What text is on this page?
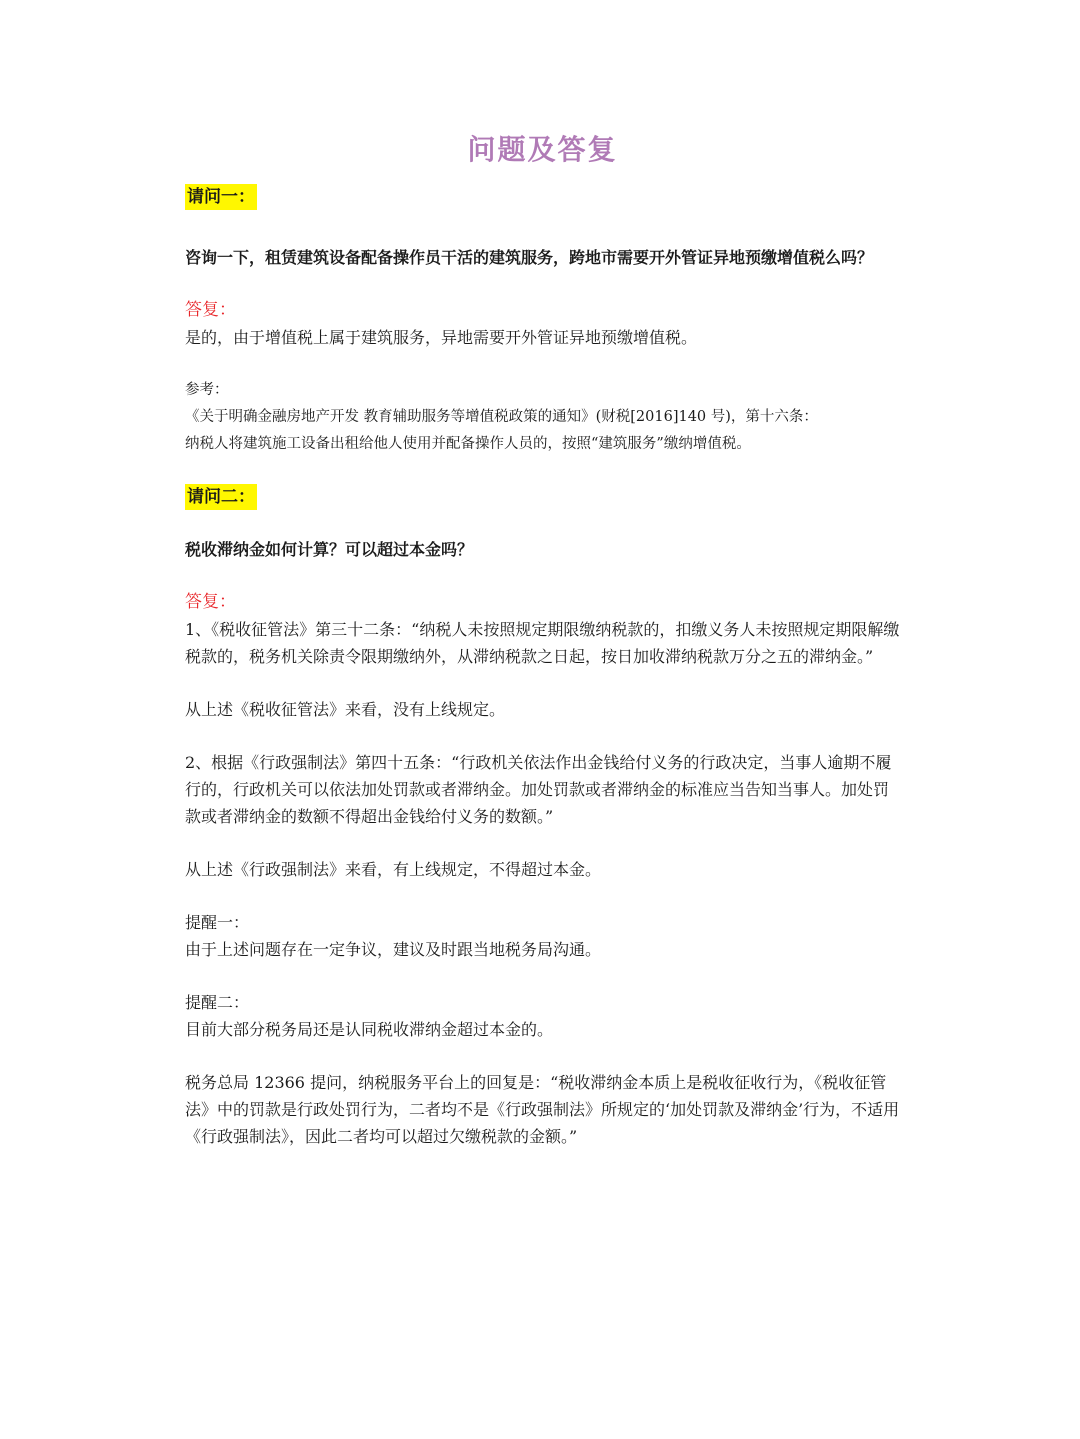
问题及答复
请问一：

咨询一下，租赁建筑设备配备操作员干活的建筑服务，跨地市需要开外管证异地预缴增值税么吗？

答复：

是的，由于增值税上属于建筑服务，异地需要开外管证异地预缴增值税。

参考：

《关于明确金融房地产开发 教育辅助服务等增值税政策的通知》(财税[2016]140 号)，第十六条：

纳税人将建筑施工设备出租给他人使用并配备操作人员的，按照“建筑服务”缴纳增值税。

请问二：

税收滞纳金如何计算？可以超过本金吗？

答复：

1、《税收征管法》第三十二条：“纳税人未按照规定期限缴纳税款的，扣缴义务人未按照规定期限解缴税款的，税务机关除责令限期缴纳外，从滞纳税款之日起，按日加收滞纳税款万分之五的滞纳金。”

从上述《税收征管法》来看，没有上线规定。

2、根据《行政强制法》第四十五条：“行政机关依法作出金钱给付义务的行政决定，当事人逾期不履行的，行政机关可以依法加处罚款或者滞纳金。加处罚款或者滞纳金的标准应当告知当事人。加处罚款或者滞纳金的数额不得超出金钱给付义务的数额。”

从上述《行政强制法》来看，有上线规定，不得超过本金。

提醒一：

由于上述问题存在一定争议，建议及时跟当地税务局沟通。

提醒二：

目前大部分税务局还是认同税收滞纳金超过本金的。

税务总局 12366 提问，纳税服务平台上的回复是：“税收滞纳金本质上是税收征收行为，《税收征管法》中的罚款是行政处罚行为，二者均不是《行政强制法》所规定的‘加处罚款及滞纳金’行为，不适用《行政强制法》，因此二者均可以超过欠缴税款的金额。”
